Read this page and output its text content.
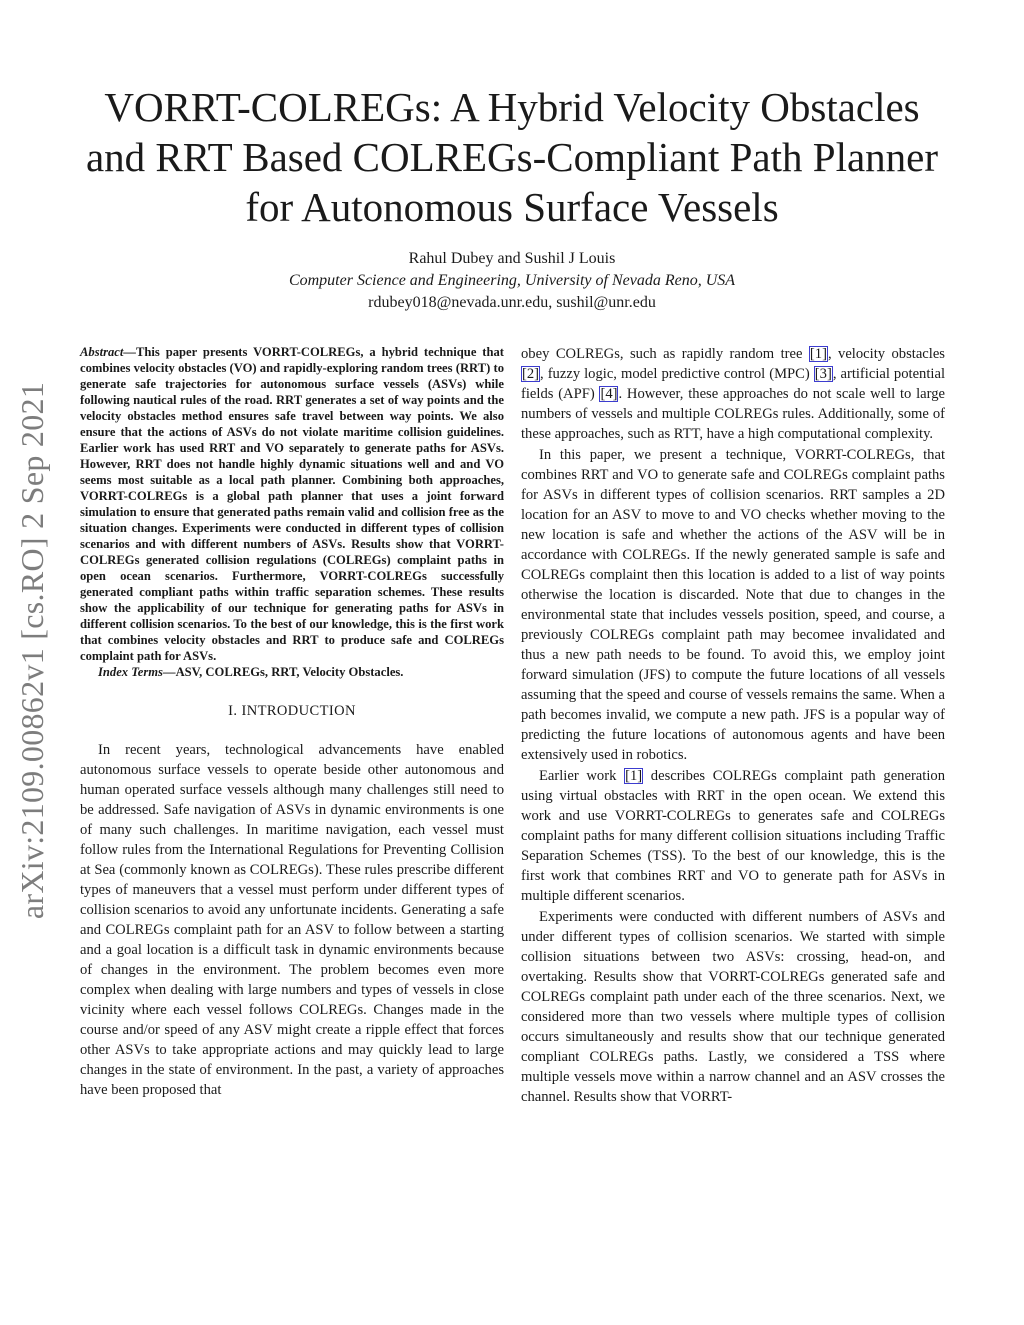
arXiv:2109.00862v1 [cs.RO] 2 Sep 2021
VORRT-COLREGs: A Hybrid Velocity Obstacles
and RRT Based COLREGs-Compliant Path Planner
for Autonomous Surface Vessels
Rahul Dubey and Sushil J Louis
Computer Science and Engineering, University of Nevada Reno, USA
rdubey018@nevada.unr.edu, sushil@unr.edu

Abstract—This paper presents VORRT-COLREGs, a hybrid technique that combines velocity obstacles (VO) and rapidly-exploring random trees (RRT) to generate safe trajectories for autonomous surface vessels (ASVs) while following nautical rules of the road. RRT generates a set of way points and the velocity obstacles method ensures safe travel between way points. We also ensure that the actions of ASVs do not violate maritime collision guidelines. Earlier work has used RRT and VO separately to generate paths for ASVs. However, RRT does not handle highly dynamic situations well and and VO seems most suitable as a local path planner. Combining both approaches, VORRT-COLREGs is a global path planner that uses a joint forward simulation to ensure that generated paths remain valid and collision free as the situation changes. Experiments were conducted in different types of collision scenarios and with different numbers of ASVs. Results show that VORRT-COLREGs generated collision regulations (COLREGs) complaint paths in open ocean scenarios. Furthermore, VORRT-COLREGs successfully generated compliant paths within traffic separation schemes. These results show the applicability of our technique for generating paths for ASVs in different collision scenarios. To the best of our knowledge, this is the first work that combines velocity obstacles and RRT to produce safe and COLREGs complaint path for ASVs.

Index Terms—ASV, COLREGs, RRT, Velocity Obstacles.

I. INTRODUCTION

In recent years, technological advancements have enabled autonomous surface vessels to operate beside other autonomous and human operated surface vessels although many challenges still need to be addressed. Safe navigation of ASVs in dynamic environments is one of many such challenges. In maritime navigation, each vessel must follow rules from the International Regulations for Preventing Collision at Sea (commonly known as COLREGs). These rules prescribe different types of maneuvers that a vessel must perform under different types of collision scenarios to avoid any unfortunate incidents. Generating a safe and COLREGs complaint path for an ASV to follow between a starting and a goal location is a difficult task in dynamic environments because of changes in the environment. The problem becomes even more complex when dealing with large numbers and types of vessels in close vicinity where each vessel follows COLREGs. Changes made in the course and/or speed of any ASV might create a ripple effect that forces other ASVs to take appropriate actions and may quickly lead to large changes in the state of environment. In the past, a variety of approaches have been proposed that

obey COLREGs, such as rapidly random tree [1], velocity obstacles [2], fuzzy logic, model predictive control (MPC) [3], artificial potential fields (APF) [4]. However, these approaches do not scale well to large numbers of vessels and multiple COLREGs rules. Additionally, some of these approaches, such as RTT, have a high computational complexity.

In this paper, we present a technique, VORRT-COLREGs, that combines RRT and VO to generate safe and COLREGs complaint paths for ASVs in different types of collision scenarios. RRT samples a 2D location for an ASV to move to and VO checks whether moving to the new location is safe and whether the actions of the ASV will be in accordance with COLREGs. If the newly generated sample is safe and COLREGs complaint then this location is added to a list of way points otherwise the location is discarded. Note that due to changes in the environmental state that includes vessels position, speed, and course, a previously COLREGs complaint path may becomee invalidated and thus a new path needs to be found. To avoid this, we employ joint forward simulation (JFS) to compute the future locations of all vessels assuming that the speed and course of vessels remains the same. When a path becomes invalid, we compute a new path. JFS is a popular way of predicting the future locations of autonomous agents and have been extensively used in robotics.

Earlier work [1] describes COLREGs complaint path generation using virtual obstacles with RRT in the open ocean. We extend this work and use VORRT-COLREGs to generates safe and COLREGs complaint paths for many different collision situations including Traffic Separation Schemes (TSS). To the best of our knowledge, this is the first work that combines RRT and VO to generate path for ASVs in multiple different scenarios.

Experiments were conducted with different numbers of ASVs and under different types of collision scenarios. We started with simple collision situations between two ASVs: crossing, head-on, and overtaking. Results show that VORRT-COLREGs generated safe and COLREGs complaint path under each of the three scenarios. Next, we considered more than two vessels where multiple types of collision occurs simultaneously and results show that our technique generated compliant COLREGs paths. Lastly, we considered a TSS where multiple vessels move within a narrow channel and an ASV crosses the channel. Results show that VORRT-
